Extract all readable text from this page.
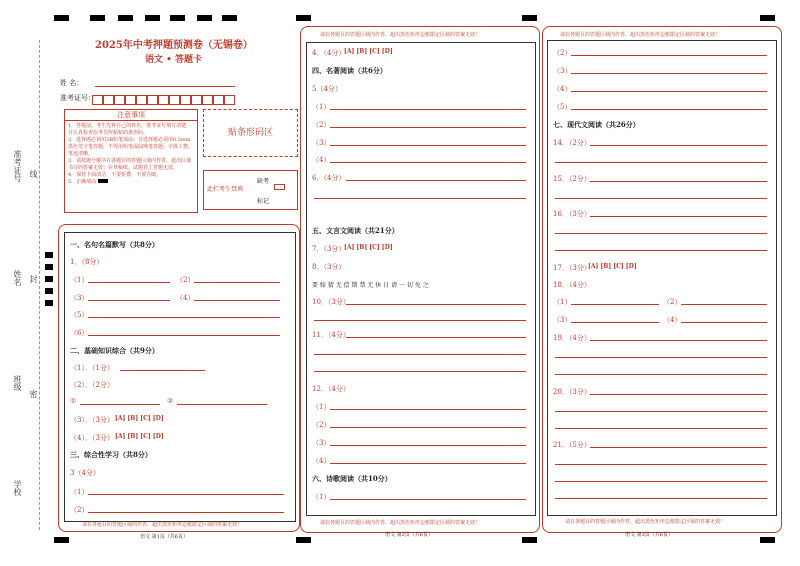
准考证号 线
姓名 封
班级
密
学校
2025年中考押题预测卷（无锡卷）
语文 • 答题卡
姓 名：
准考证号：
注意事项
1．答题前，考生先将自己的姓名，准考证号填写清楚，并认真检查监考员所粘贴的条形码。
2．选择题必须用2B铅笔填涂；非选择题必须用0.5mm黑色签字笔答题，不得用铅笔或圆珠笔答题；字体工整、笔迹清晰。
3．请按题号顺序在各题目的答题区域内作答，超出区域书写的答案无效；在草稿纸、试题卷上答题无效。
4．保持卡面清洁，不要折叠、不要弄破。
5．正确填涂
贴条形码区
此栏考生禁填
缺考
标记
一、名句名篇默写（共8分）
1．（8分）
（1）	（2）
（3）	（4）
（5）
（6）
二、基础知识综合（共9分）
（1）．（1分）
（2）．（2分）
①	②
（3）．（3分） [A] [B] [C] [D]
（4）．（3分） [A] [B] [C] [D]
三、综合性学习（共8分）
3（4分）
（1）
（2）
请在各题目的答题区域内作答，超出黑色矩形边框限定区域的答案无效！
语文 第1页（共6页）
请在各题目的答题区域内作答，超出黑色矩形边框限定区域的答案无效！
4．（4分）
[A] [B] [C] [D]
四、名著阅读（共6分）
5（4分）
（1）
（2）
（3）
（4）
6．（4分）
五、文言文阅读（共21分）
7．（3分）
[A] [B] [C] [D]
8．（3分）
要 嫁 猜 无 偿 期 禁 无 休 日 请 一 切 免 之
10．（3分）
11．（4分）
12．（4分）
（1）
（2）
（3）
（4）
六、诗歌阅读（共10分）
（1）
请在各题目的答题区域内作答，超出黑色矩形边框限定区域的答案无效！
语文 第2页（共6页）
请在各题目的答题区域内作答，超出黑色矩形边框限定区域的答案无效！
（2）
（3）
（4）
（5）
七、现代文阅读（共26分）
14．（2分）
15．（2分）
16．（3分）
17．（3分）
[A] [B] [C] [D]
18．（4分）
（1）	（2）
（3）	（4）
19．（4分）
20．（3分）
21．（5分）
请在各题目的答题区域内作答，超出黑色矩形边框限定区域的答案无效！
语文 第3页（共6页）
